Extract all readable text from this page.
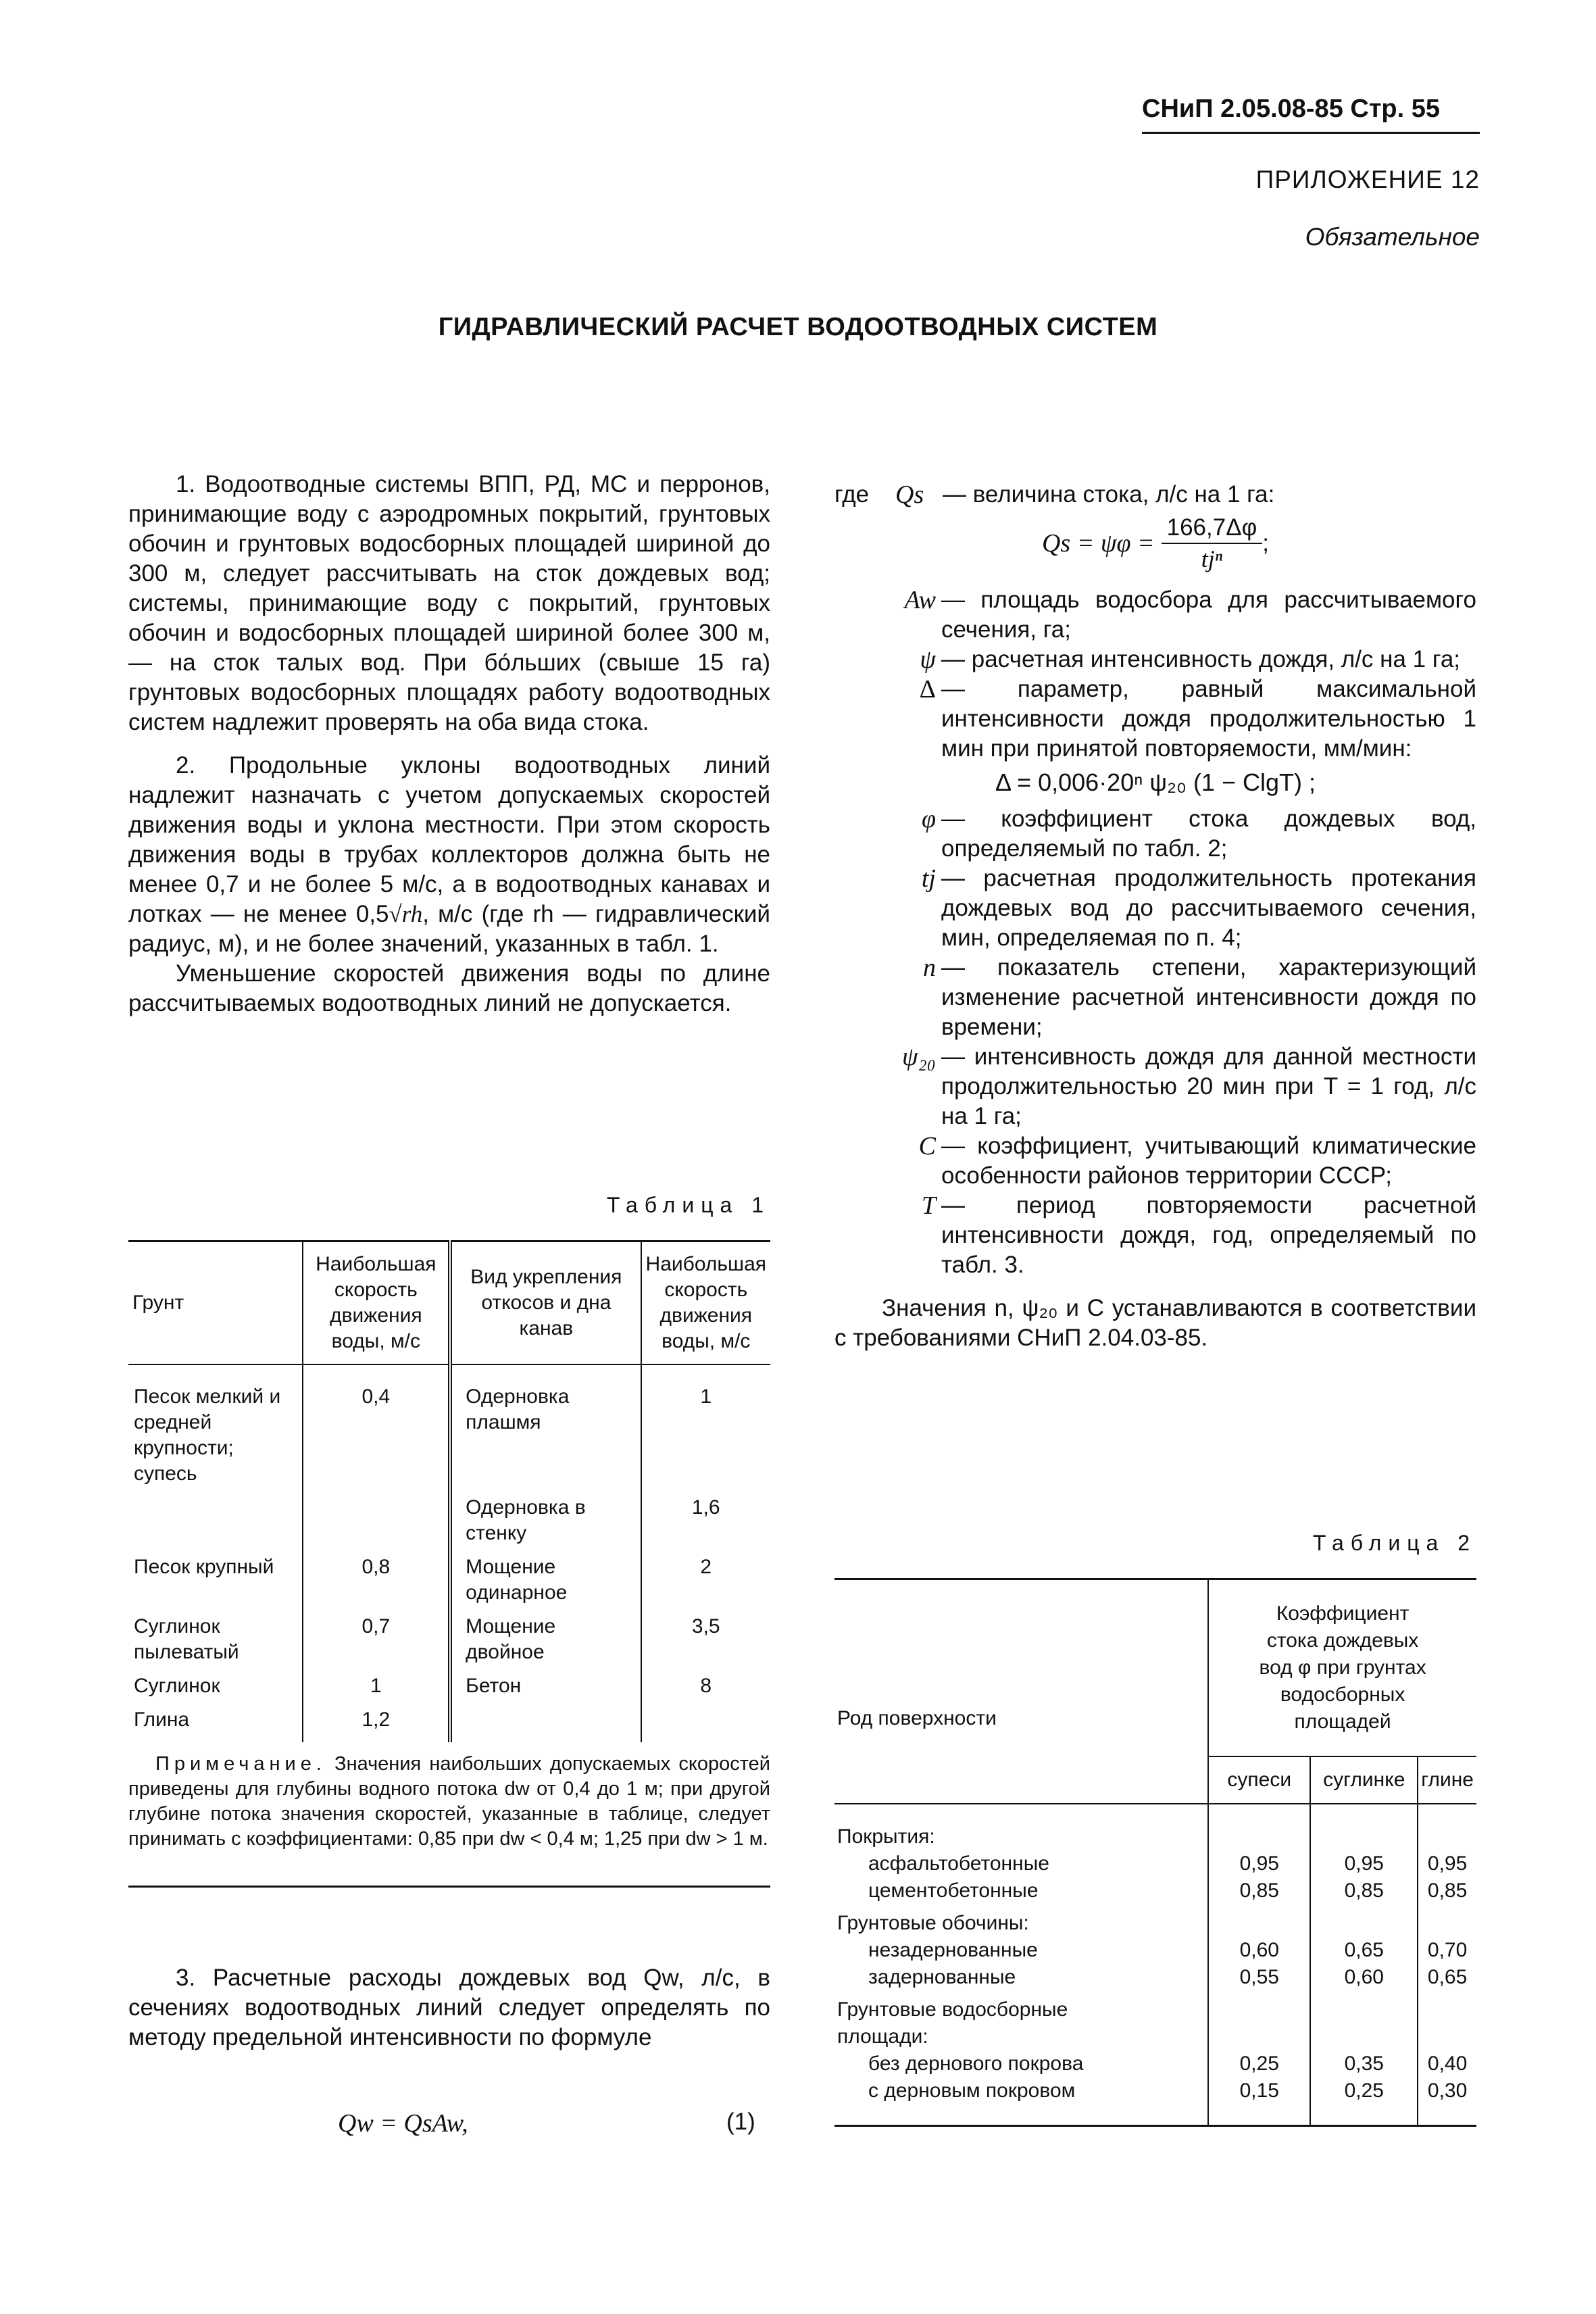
СНиП 2.05.08-85 Стр. 55
ПРИЛОЖЕНИЕ 12
Обязательное
ГИДРАВЛИЧЕСКИЙ РАСЧЕТ ВОДООТВОДНЫХ СИСТЕМ

1. Водоотводные системы ВПП, РД, МС и перронов, принимающие воду с аэродромных покрытий, грунтовых обочин и грунтовых водосборных площадей шириной до 300 м, следует рассчитывать на сток дождевых вод; системы, принимающие воду с покрытий, грунтовых обочин и водосборных площадей шириной более 300 м, — на сток талых вод. При бо́льших (свыше 15 га) грунтовых водосборных площадях работу водоотводных систем надлежит проверять на оба вида стока.

2. Продольные уклоны водоотводных линий надлежит назначать с учетом допускаемых скоростей движения воды и уклона местности. При этом скорость движения воды в трубах коллекторов должна быть не менее 0,7 и не более 5 м/с, а в водоотводных канавах и лотках — не менее 0,5√rh, м/с (где rh — гидравлический радиус, м), и не более значений, указанных в табл. 1.

Уменьшение скоростей движения воды по длине рассчитываемых водоотводных линий не допускается.

Таблица 1
Грунт	Наибольшая скорость движения воды, м/с	Вид укрепления откосов и дна канав	Наибольшая скорость движения воды, м/с
Песок мелкий и средней крупности; супесь	0,4	Одерновка плашмя	1
		Одерновка в стенку	1,6
Песок крупный	0,8	Мощение одинарное	2
Суглинок пылеватый	0,7	Мощение двойное	3,5
Суглинок	1	Бетон	8
Глина	1,2		

Примечание. Значения наибольших допускаемых скоростей приведены для глубины водного потока dw от 0,4 до 1 м; при другой глубине потока значения скоростей, указанные в таблице, следует принимать с коэффициентами: 0,85 при dw < 0,4 м; 1,25 при dw > 1 м.

3. Расчетные расходы дождевых вод Qw, л/с, в сечениях водоотводных линий следует определять по методу предельной интенсивности по формуле

Qw = QsAw,	(1)
где	Qs — величина стока, л/с на 1 га:
Qs = ψφ =
166,7Δφ
tjⁿ
;
Aw — площадь водосбора для рассчитываемого сечения, га;
ψ — расчетная интенсивность дождя, л/с на 1 га;
Δ — параметр, равный максимальной интенсивности дождя продолжительностью 1 мин при принятой повторяемости, мм/мин:
Δ = 0,006·20ⁿ ψ₂₀ (1 − ClgT) ;
φ — коэффициент стока дождевых вод, определяемый по табл. 2;
tj — расчетная продолжительность протекания дождевых вод до рассчитываемого сечения, мин, определяемая по п. 4;
n — показатель степени, характеризующий изменение расчетной интенсивности дождя по времени;
ψ₂₀ — интенсивность дождя для данной местности продолжительностью 20 мин при T = 1 год, л/с на 1 га;
C — коэффициент, учитывающий климатические особенности районов территории СССР;
T — период повторяемости расчетной интенсивности дождя, год, определяемый по табл. 3.

Значения n, ψ₂₀ и C устанавливаются в соответствии с требованиями СНиП 2.04.03-85.

Таблица 2
Род поверхности	Коэффициент стока дождевых вод φ при грунтах водосборных площадей		
	супеси	суглинке	глине
Покрытия:			
асфальтобетонные	0,95	0,95	0,95
цементобетонные	0,85	0,85	0,85
Грунтовые обочины:			
незадернованные	0,60	0,65	0,70
задернованные	0,55	0,60	0,65
Грунтовые водосборные площади:			
без дернового покрова	0,25	0,35	0,40
с дерновым покровом	0,15	0,25	0,30
